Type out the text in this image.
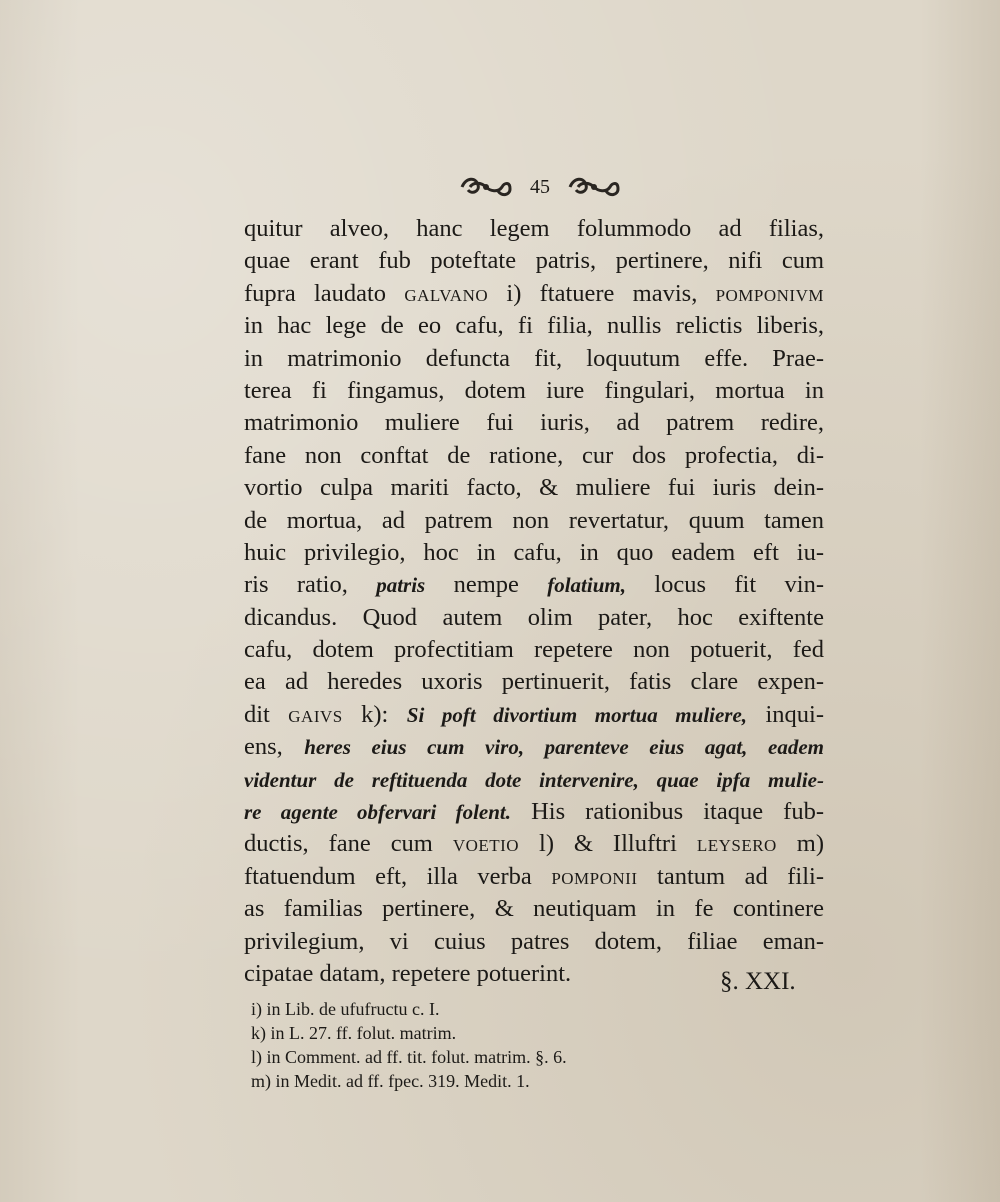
45
quitur alveo, hanc legem folummodo ad filias,
quae erant fub poteftate patris, pertinere, nifi cum
fupra laudato galvano i) ftatuere mavis, pomponivm
in hac lege de eo cafu, fi filia, nullis relictis liberis,
in matrimonio defuncta fit, loquutum effe. Prae-
terea fi fingamus, dotem iure fingulari, mortua in
matrimonio muliere fui iuris, ad patrem redire,
fane non conftat de ratione, cur dos profectia, di-
vortio culpa mariti facto, & muliere fui iuris dein-
de mortua, ad patrem non revertatur, quum tamen
huic privilegio, hoc in cafu, in quo eadem eft iu-
ris ratio, patris nempe folatium, locus fit vin-
dicandus. Quod autem olim pater, hoc exiftente
cafu, dotem profectitiam repetere non potuerit, fed
ea ad heredes uxoris pertinuerit, fatis clare expen-
dit gaivs k): Si poft divortium mortua muliere, inqui-
ens, heres eius cum viro, parenteve eius agat, eadem
videntur de reftituenda dote intervenire, quae ipfa mulie-
re agente obfervari folent. His rationibus itaque fub-
ductis, fane cum voetio l) & Illuftri leysero m)
ftatuendum eft, illa verba pomponii tantum ad fili-
as familias pertinere, & neutiquam in fe continere
privilegium, vi cuius patres dotem, filiae eman-
cipatae datam, repetere potuerint.	§. XXI.
i) in Lib. de ufufructu c. I.
k) in L. 27. ff. folut. matrim.
l) in Comment. ad ff. tit. folut. matrim. §. 6.
m) in Medit. ad ff. fpec. 319. Medit. 1.
